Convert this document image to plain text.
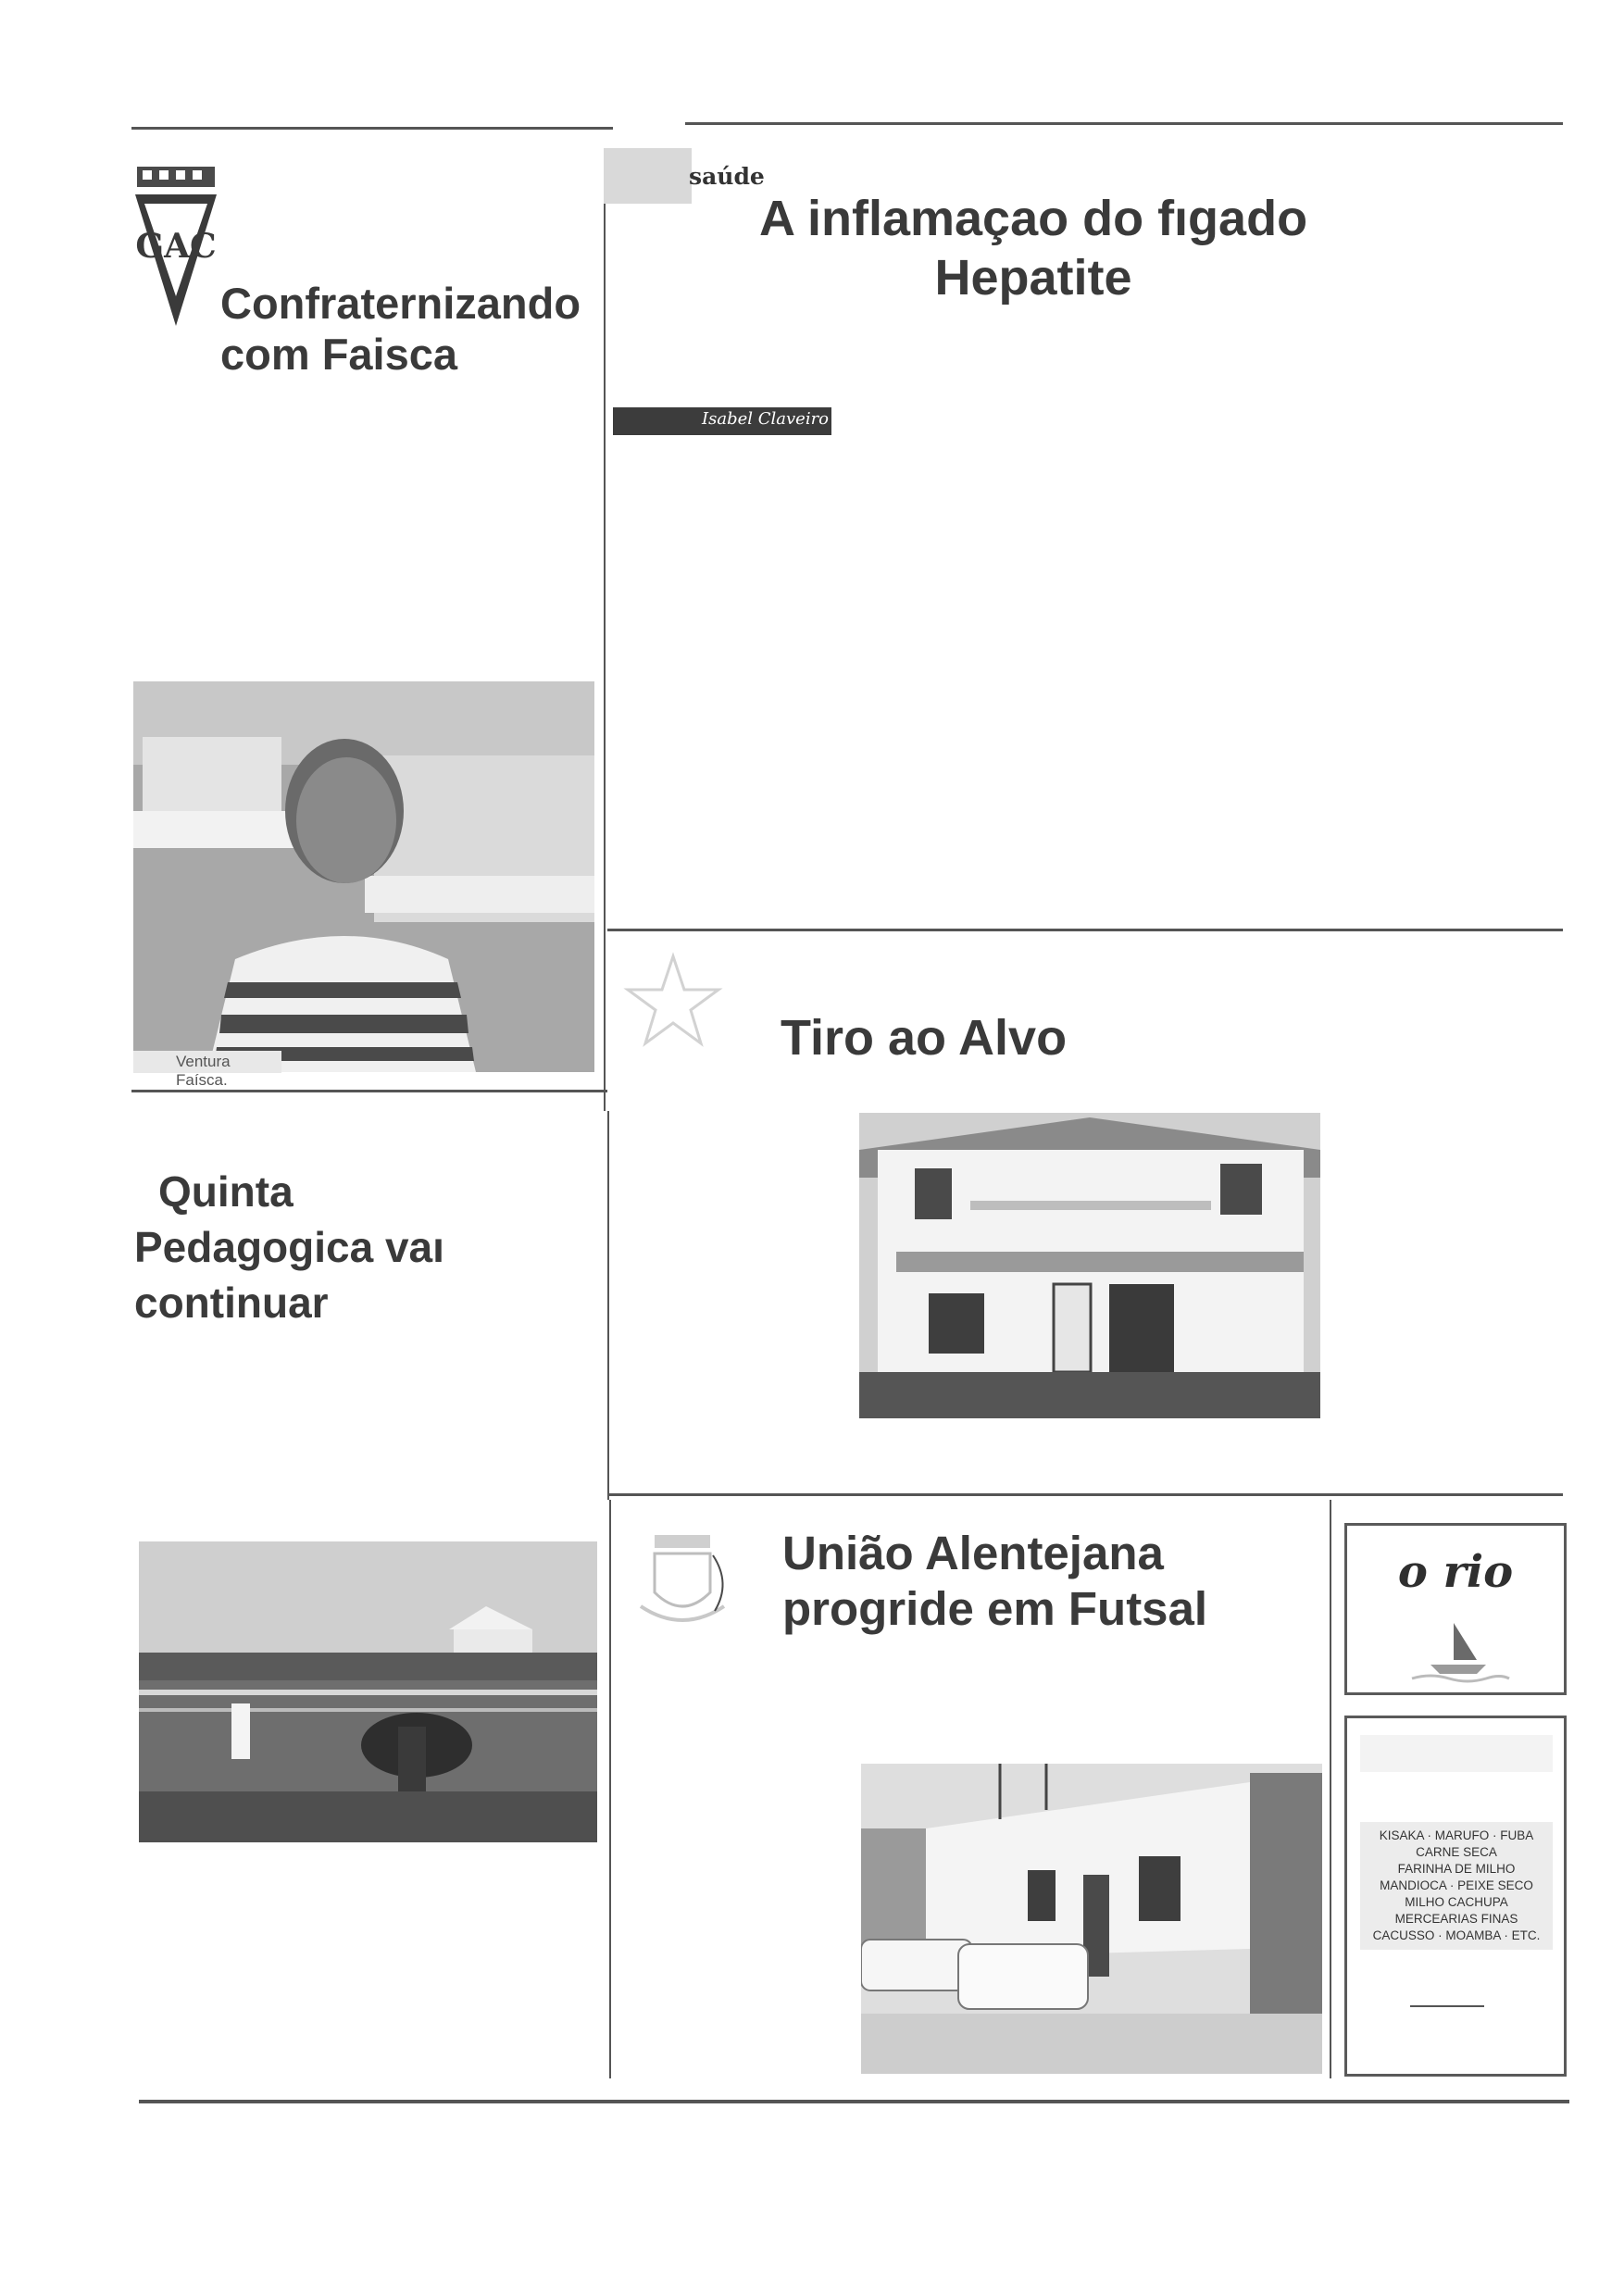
GAC
Confraternizando
com Faisca
Ventura Faísca.
saúde
A inflamaçao do fıgado
Hepatite
Isabel Claveiro
Quinta
Pedagogica vaı
continuar
Tiro ao Alvo
União Alentejana
progride em Futsal
o rio
KISAKA · MARUFO · FUBA
CARNE SECA
FARINHA DE MILHO
MANDIOCA · PEIXE SECO
MILHO CACHUPA
MERCEARIAS FINAS
CACUSSO · MOAMBA · ETC.
